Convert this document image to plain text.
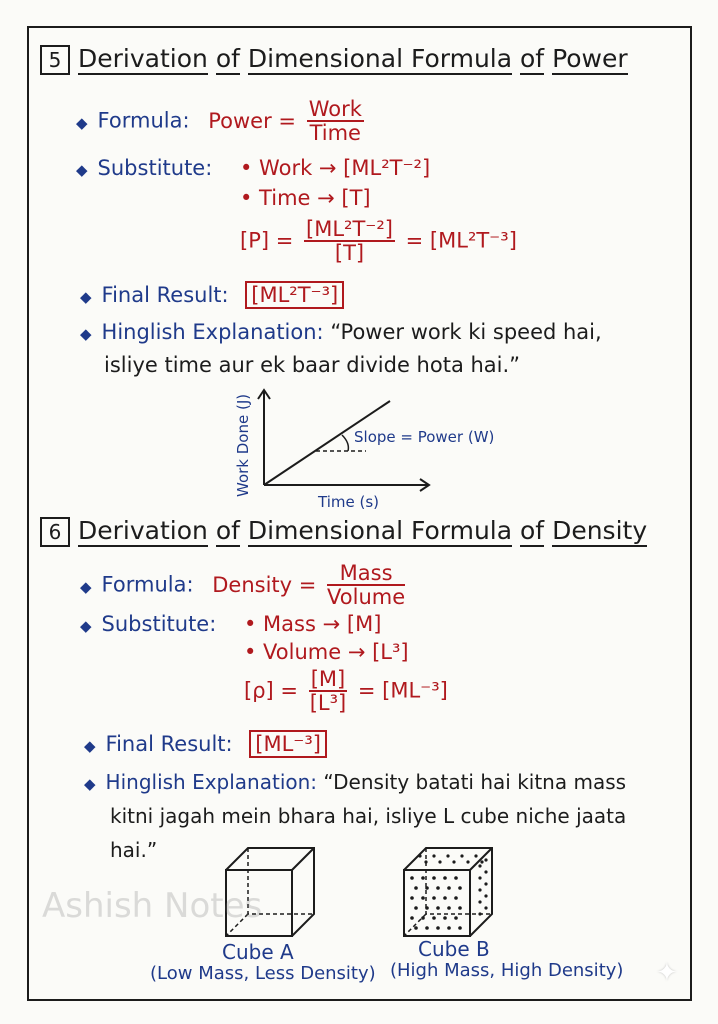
5 Derivation of Dimensional Formula of Power
◆ Formula: Power = $\frac{\text{Work}}{\text{Time}}$
◆ Substitute: • Work → [ML²T⁻²]
• Time → [T]
$[P] = \frac{\text{[ML²T⁻²]}}{[T]} = [ML^2T^{-3}]$
◆ Final Result: [ML²T⁻³]
◆ Hinglish Explanation: “Power work ki speed hai,
isliye time aur ek baar divide hota hai.”
Slope = Power (W)
Time (s)
Work Done (J)
6 Derivation of Dimensional Formula of Density
◆ Formula: Density = $\frac{\text{Mass}}{\text{Volume}}$
◆ Substitute: • Mass → [M]
• Volume → [L³]
$[\rho] = \frac{[M]}{\text{[L³]}} = [ML^{-3}]$
◆ Final Result: [ML⁻³]
◆ Hinglish Explanation: “Density batati hai kitna mass
kitni jagah mein bhara hai, isliye L cube niche jaata
hai.”
Cube A
(Low Mass, Less Density)
Cube B
(High Mass, High Density)
Ashish Notes
✦
